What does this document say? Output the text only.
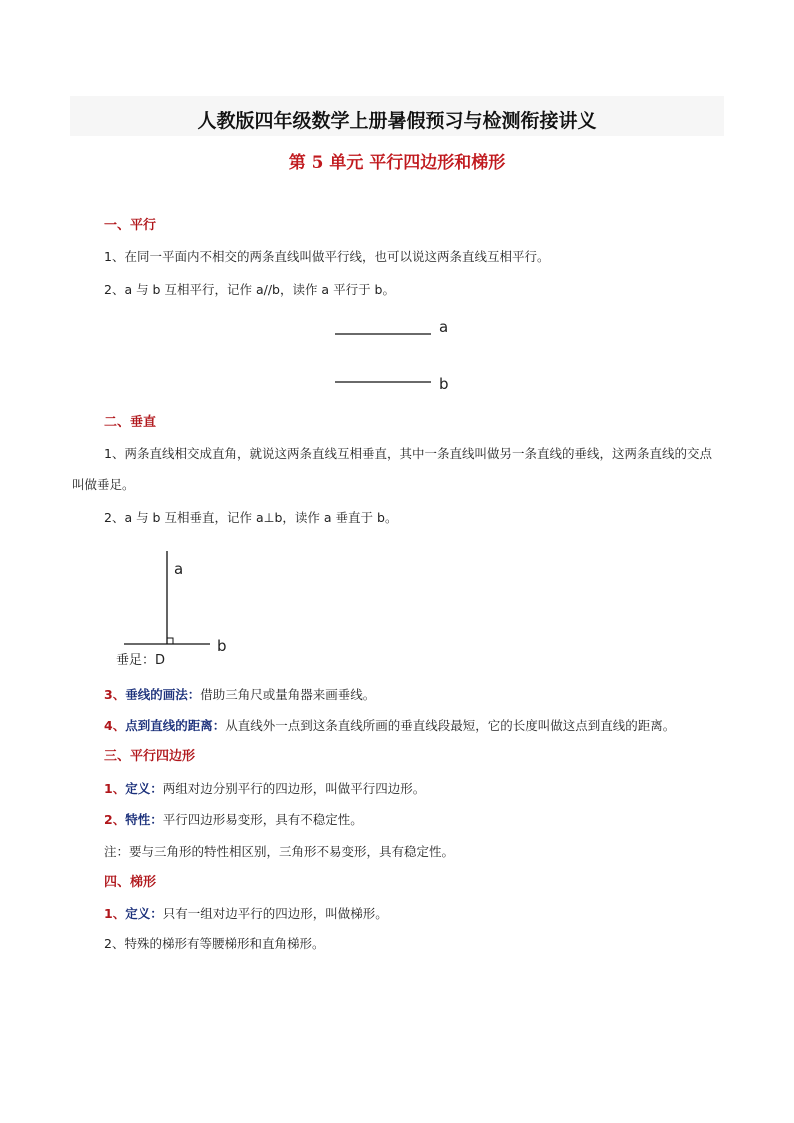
人教版四年级数学上册暑假预习与检测衔接讲义
第 5 单元 平行四边形和梯形
一、平行
1、在同一平面内不相交的两条直线叫做平行线，也可以说这两条直线互相平行。
2、a 与 b 互相平行，记作 a//b，读作 a 平行于 b。
a
b
a
b
垂足：D
二、垂直
1、两条直线相交成直角，就说这两条直线互相垂直，其中一条直线叫做另一条直线的垂线，这两条直线的交点叫做垂足。
2、a 与 b 互相垂直，记作 a⊥b，读作 a 垂直于 b。
3、垂线的画法：借助三角尺或量角器来画垂线。
4、点到直线的距离：从直线外一点到这条直线所画的垂直线段最短，它的长度叫做这点到直线的距离。
三、平行四边形
1、定义：两组对边分别平行的四边形，叫做平行四边形。
2、特性：平行四边形易变形，具有不稳定性。
注：要与三角形的特性相区别，三角形不易变形，具有稳定性。
四、梯形
1、定义：只有一组对边平行的四边形，叫做梯形。
2、特殊的梯形有等腰梯形和直角梯形。
